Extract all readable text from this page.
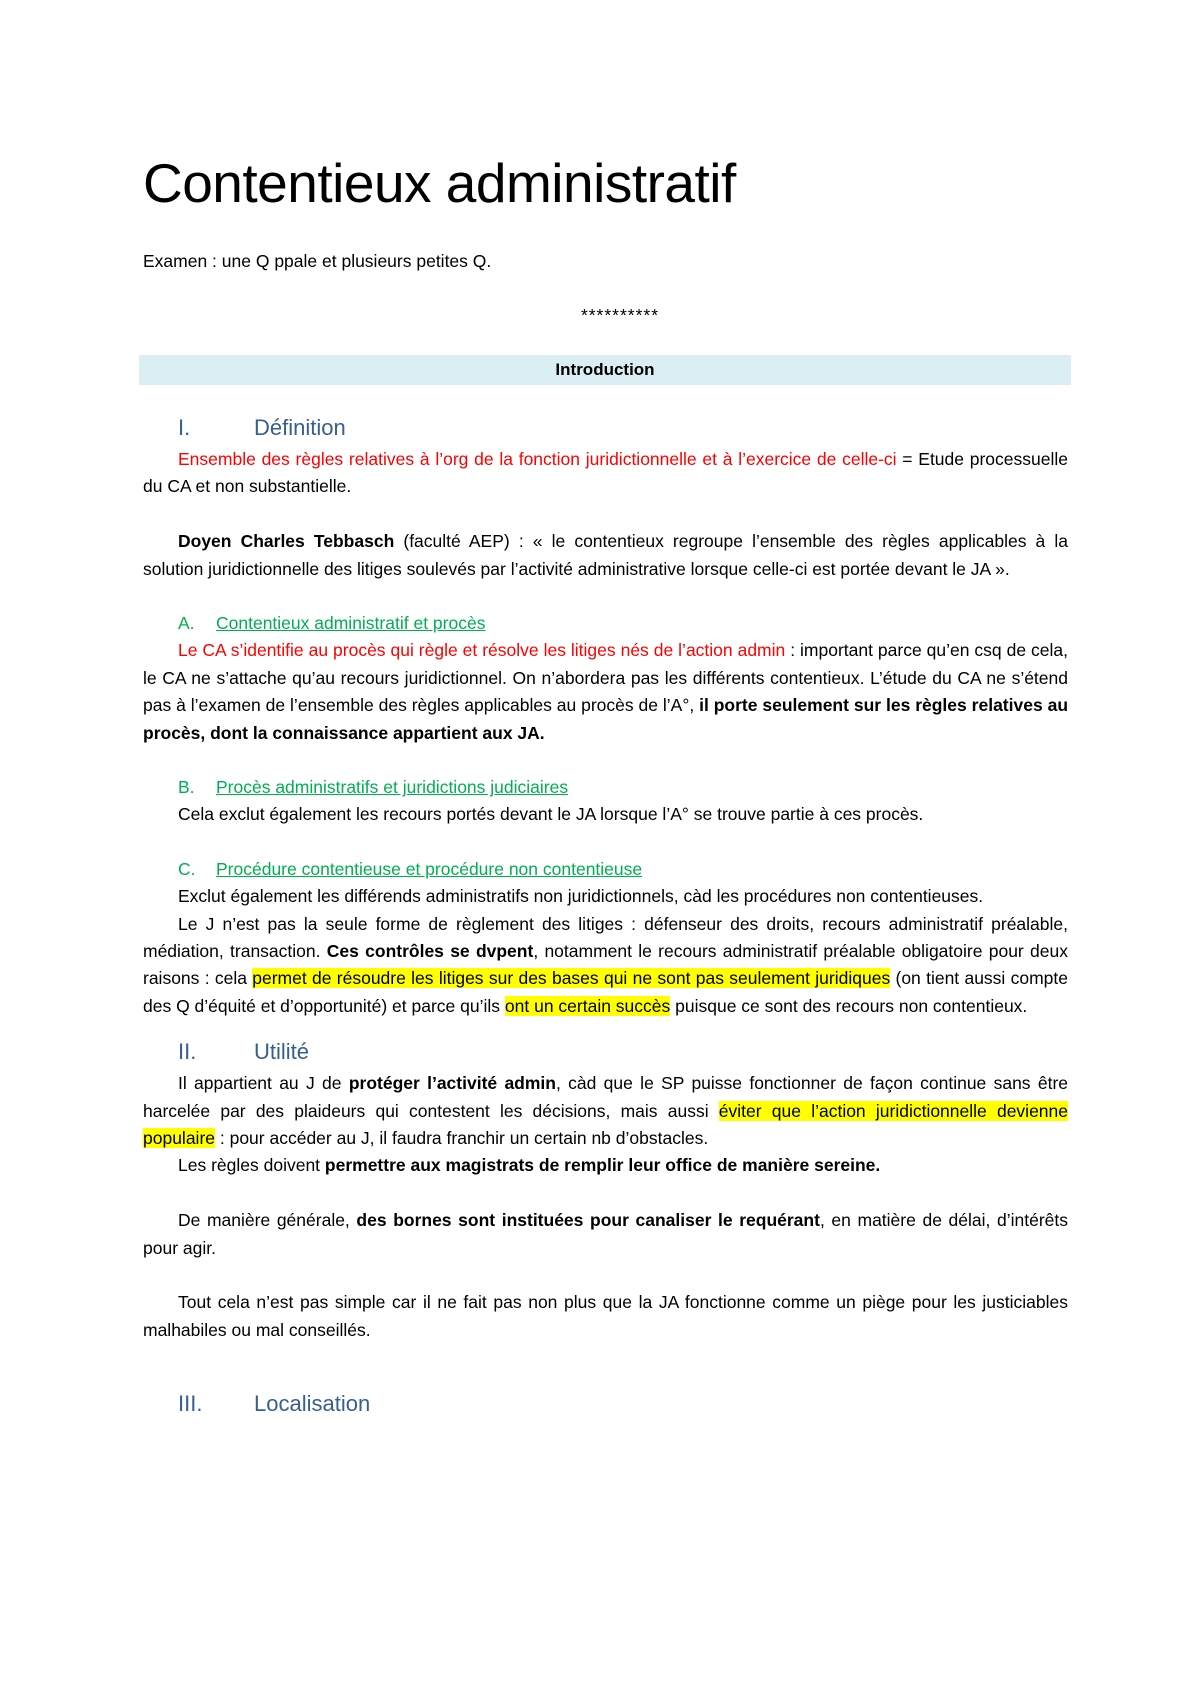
Contentieux administratif

Examen : une Q ppale et plusieurs petites Q.

**********

Introduction
I.	Définition

Ensemble des règles relatives à l’org de la fonction juridictionnelle et à l’exercice de celle-ci = Etude processuelle du CA et non substantielle.

Doyen Charles Tebbasch (faculté AEP) : « le contentieux regroupe l’ensemble des règles applicables à la solution juridictionnelle des litiges soulevés par l’activité administrative lorsque celle-ci est portée devant le JA ».

A.	Contentieux administratif et procès

Le CA s’identifie au procès qui règle et résolve les litiges nés de l’action admin : important parce qu’en csq de cela, le CA ne s’attache qu’au recours juridictionnel. On n’abordera pas les différents contentieux. L’étude du CA ne s’étend pas à l’examen de l’ensemble des règles applicables au procès de l’A°, il porte seulement sur les règles relatives au procès, dont la connaissance appartient aux JA.

B.	Procès administratifs et juridictions judiciaires

Cela exclut également les recours portés devant le JA lorsque l’A° se trouve partie à ces procès.

C.	Procédure contentieuse et procédure non contentieuse

Exclut également les différends administratifs non juridictionnels, càd les procédures non contentieuses.

Le J n’est pas la seule forme de règlement des litiges : défenseur des droits, recours administratif préalable, médiation, transaction. Ces contrôles se dvpent, notamment le recours administratif préalable obligatoire pour deux raisons : cela permet de résoudre les litiges sur des bases qui ne sont pas seulement juridiques (on tient aussi compte des Q d’équité et d’opportunité) et parce qu’ils ont un certain succès puisque ce sont des recours non contentieux.

II.	Utilité

Il appartient au J de protéger l’activité admin, càd que le SP puisse fonctionner de façon continue sans être harcelée par des plaideurs qui contestent les décisions, mais aussi éviter que l’action juridictionnelle devienne populaire : pour accéder au J, il faudra franchir un certain nb d’obstacles.

Les règles doivent permettre aux magistrats de remplir leur office de manière sereine.

De manière générale, des bornes sont instituées pour canaliser le requérant, en matière de délai, d’intérêts pour agir.

Tout cela n’est pas simple car il ne fait pas non plus que la JA fonctionne comme un piège pour les justiciables malhabiles ou mal conseillés.

III.	Localisation
